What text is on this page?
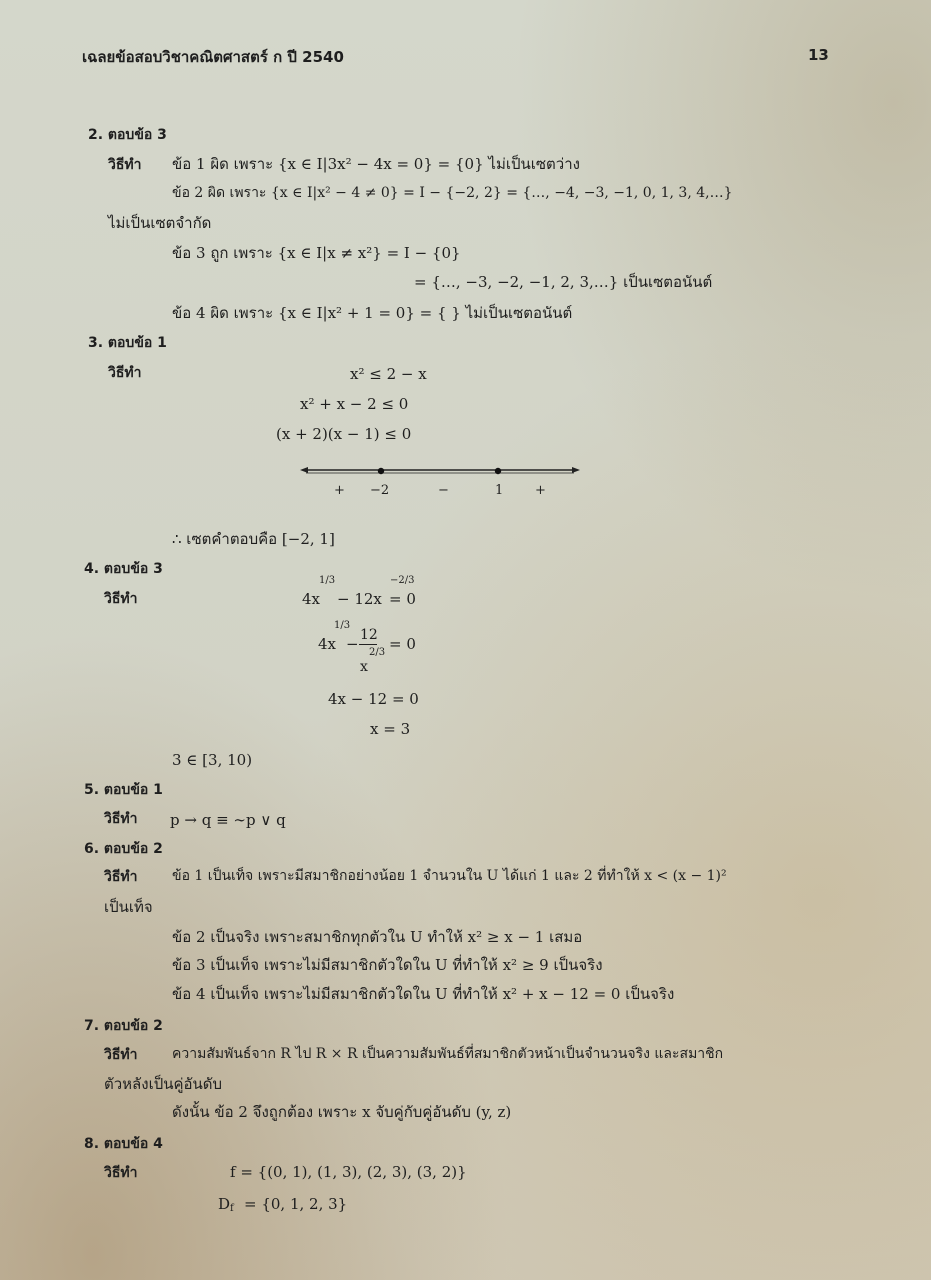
เฉลยข้อสอบวิชาคณิตศาสตร์ ก ปี 2540	13
2. ตอบข้อ 3
วิธีทำ ข้อ 1 ผิด เพราะ {x ∈ I|3x² − 4x = 0} = {0} ไม่เป็นเซตว่าง
ข้อ 2 ผิด เพราะ {x ∈ I|x² − 4 ≠ 0} = I − {−2, 2} = {…, −4, −3, −1, 0, 1, 3, 4,…}
ไม่เป็นเซตจำกัด
ข้อ 3 ถูก เพราะ {x ∈ I|x ≠ x²} = I − {0}
= {…, −3, −2, −1, 2, 3,…} เป็นเซตอนันต์
ข้อ 4 ผิด เพราะ {x ∈ I|x² + 1 = 0} = { } ไม่เป็นเซตอนันต์
3. ตอบข้อ 1
วิธีทำ	x² ≤ 2 − x
x² + x − 2 ≤ 0
(x + 2)(x − 1) ≤ 0
+ −2	−	1 +
∴ เซตคำตอบคือ [−2, 1]
4. ตอบข้อ 3
วิธีทำ	4x
1/3
− 12x
−2/3
= 0
4x
1/3
− 12
x
2/3 = 0
4x − 12 = 0
x = 3
3 ∈ [3, 10)
5. ตอบข้อ 1
วิธีทำ p → q ≡ ∼p ∨ q
6. ตอบข้อ 2
วิธีทำ ข้อ 1 เป็นเท็จ เพราะมีสมาชิกอย่างน้อย 1 จำนวนใน U ได้แก่ 1 และ 2 ที่ทำให้ x < (x − 1)²
เป็นเท็จ
ข้อ 2 เป็นจริง เพราะสมาชิกทุกตัวใน U ทำให้ x² ≥ x − 1 เสมอ
ข้อ 3 เป็นเท็จ เพราะไม่มีสมาชิกตัวใดใน U ที่ทำให้ x² ≥ 9 เป็นจริง
ข้อ 4 เป็นเท็จ เพราะไม่มีสมาชิกตัวใดใน U ที่ทำให้ x² + x − 12 = 0 เป็นจริง
7. ตอบข้อ 2
วิธีทำ ความสัมพันธ์จาก R ไป R × R เป็นความสัมพันธ์ที่สมาชิกตัวหน้าเป็นจำนวนจริง และสมาชิก
ตัวหลังเป็นคู่อันดับ
ดังนั้น ข้อ 2 จึงถูกต้อง เพราะ x จับคู่กับคู่อันดับ (y, z)
8. ตอบข้อ 4
วิธีทำ	f = {(0, 1), (1, 3), (2, 3), (3, 2)}
D f = {0, 1, 2, 3}
